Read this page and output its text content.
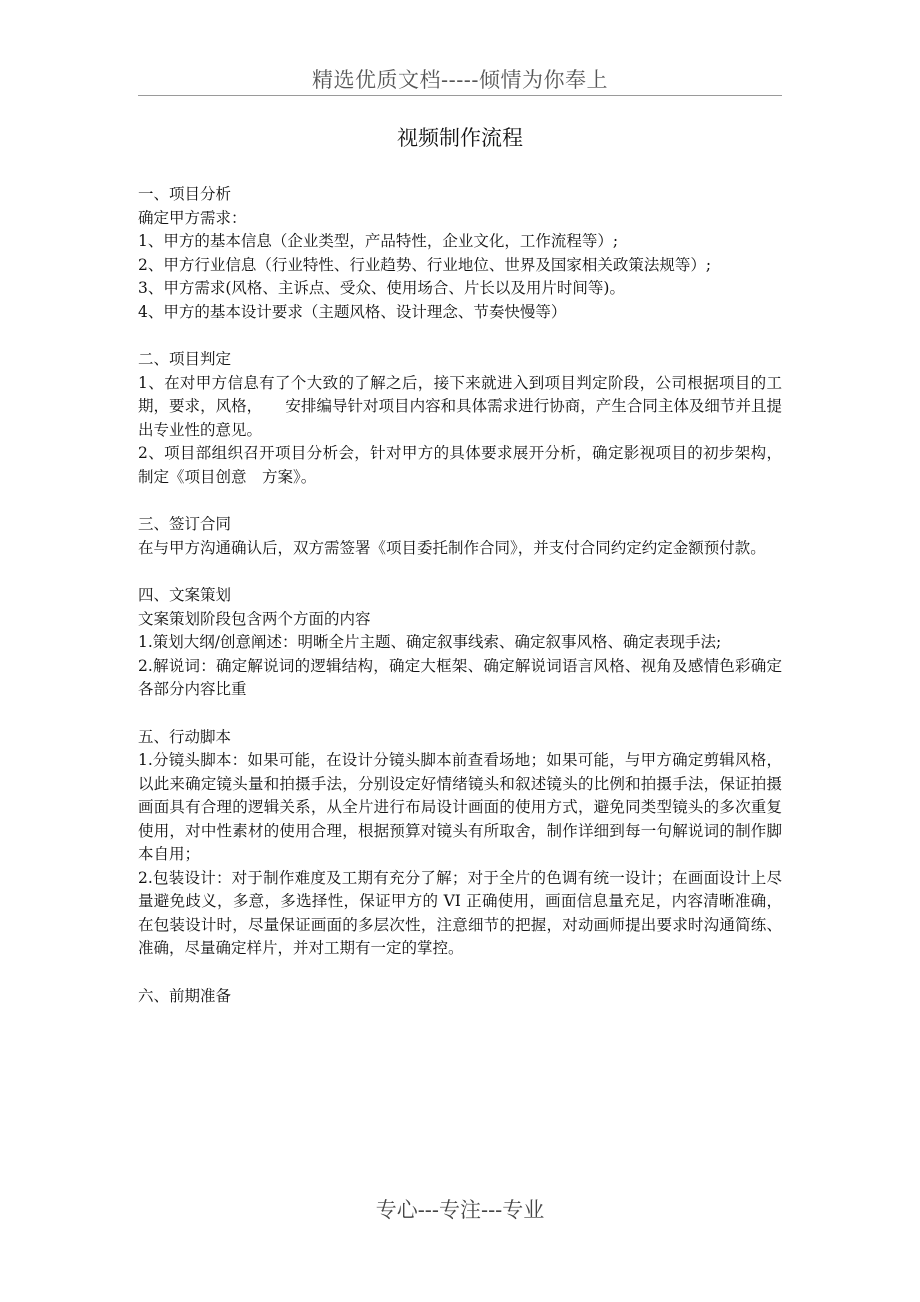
精选优质文档-----倾情为你奉上
视频制作流程
一、项目分析
确定甲方需求：
1、甲方的基本信息（企业类型，产品特性，企业文化，工作流程等）;
2、甲方行业信息（行业特性、行业趋势、行业地位、世界及国家相关政策法规等）;
3、甲方需求(风格、主诉点、受众、使用场合、片长以及用片时间等)。
4、甲方的基本设计要求（主题风格、设计理念、节奏快慢等）
二、项目判定
1、在对甲方信息有了个大致的了解之后，接下来就进入到项目判定阶段，公司根据项目的工期，要求，风格，　　安排编导针对项目内容和具体需求进行协商，产生合同主体及细节并且提出专业性的意见。
2、项目部组织召开项目分析会，针对甲方的具体要求展开分析，确定影视项目的初步架构，制定《项目创意　方案》。
三、签订合同
在与甲方沟通确认后，双方需签署《项目委托制作合同》，并支付合同约定约定金额预付款。
四、文案策划
文案策划阶段包含两个方面的内容
1.策划大纲/创意阐述：明晰全片主题、确定叙事线索、确定叙事风格、确定表现手法;
2.解说词：确定解说词的逻辑结构，确定大框架、确定解说词语言风格、视角及感情色彩确定各部分内容比重
五、行动脚本
1.分镜头脚本：如果可能，在设计分镜头脚本前查看场地；如果可能，与甲方确定剪辑风格，以此来确定镜头量和拍摄手法，分别设定好情绪镜头和叙述镜头的比例和拍摄手法，保证拍摄画面具有合理的逻辑关系，从全片进行布局设计画面的使用方式，避免同类型镜头的多次重复使用，对中性素材的使用合理，根据预算对镜头有所取舍，制作详细到每一句解说词的制作脚本自用；
2.包装设计：对于制作难度及工期有充分了解；对于全片的色调有统一设计；在画面设计上尽量避免歧义，多意，多选择性，保证甲方的 VI 正确使用，画面信息量充足，内容清晰准确，在包装设计时，尽量保证画面的多层次性，注意细节的把握，对动画师提出要求时沟通简练、准确，尽量确定样片，并对工期有一定的掌控。
六、前期准备
专心---专注---专业
